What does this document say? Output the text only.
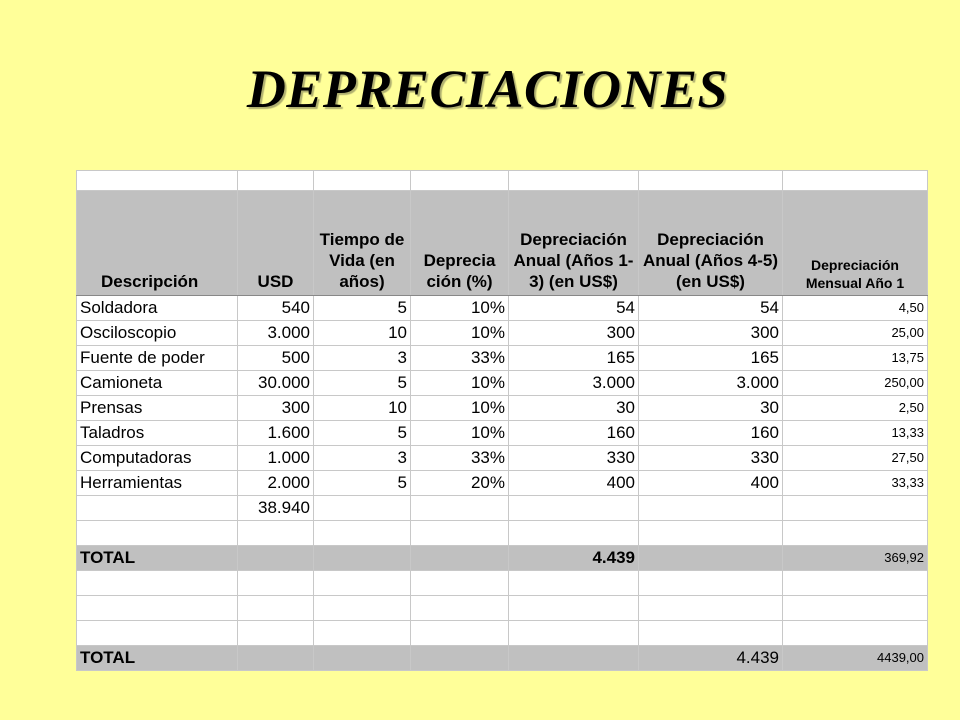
DEPRECIACIONES

Descripción	USD	Tiempo de Vida (en años)	Deprecia ción (%)	Depreciación Anual (Años 1-3) (en US$)	Depreciación Anual (Años 4-5) (en US$)	Depreciación Mensual Año 1
Soldadora	540	5	10%	54	54	4,50
Osciloscopio	3.000	10	10%	300	300	25,00
Fuente de poder	500	3	33%	165	165	13,75
Camioneta	30.000	5	10%	3.000	3.000	250,00
Prensas	300	10	10%	30	30	2,50
Taladros	1.600	5	10%	160	160	13,33
Computadoras	1.000	3	33%	330	330	27,50
Herramientas	2.000	5	20%	400	400	33,33
	38.940					

TOTAL				4.439		369,92

TOTAL					4.439	4439,00
